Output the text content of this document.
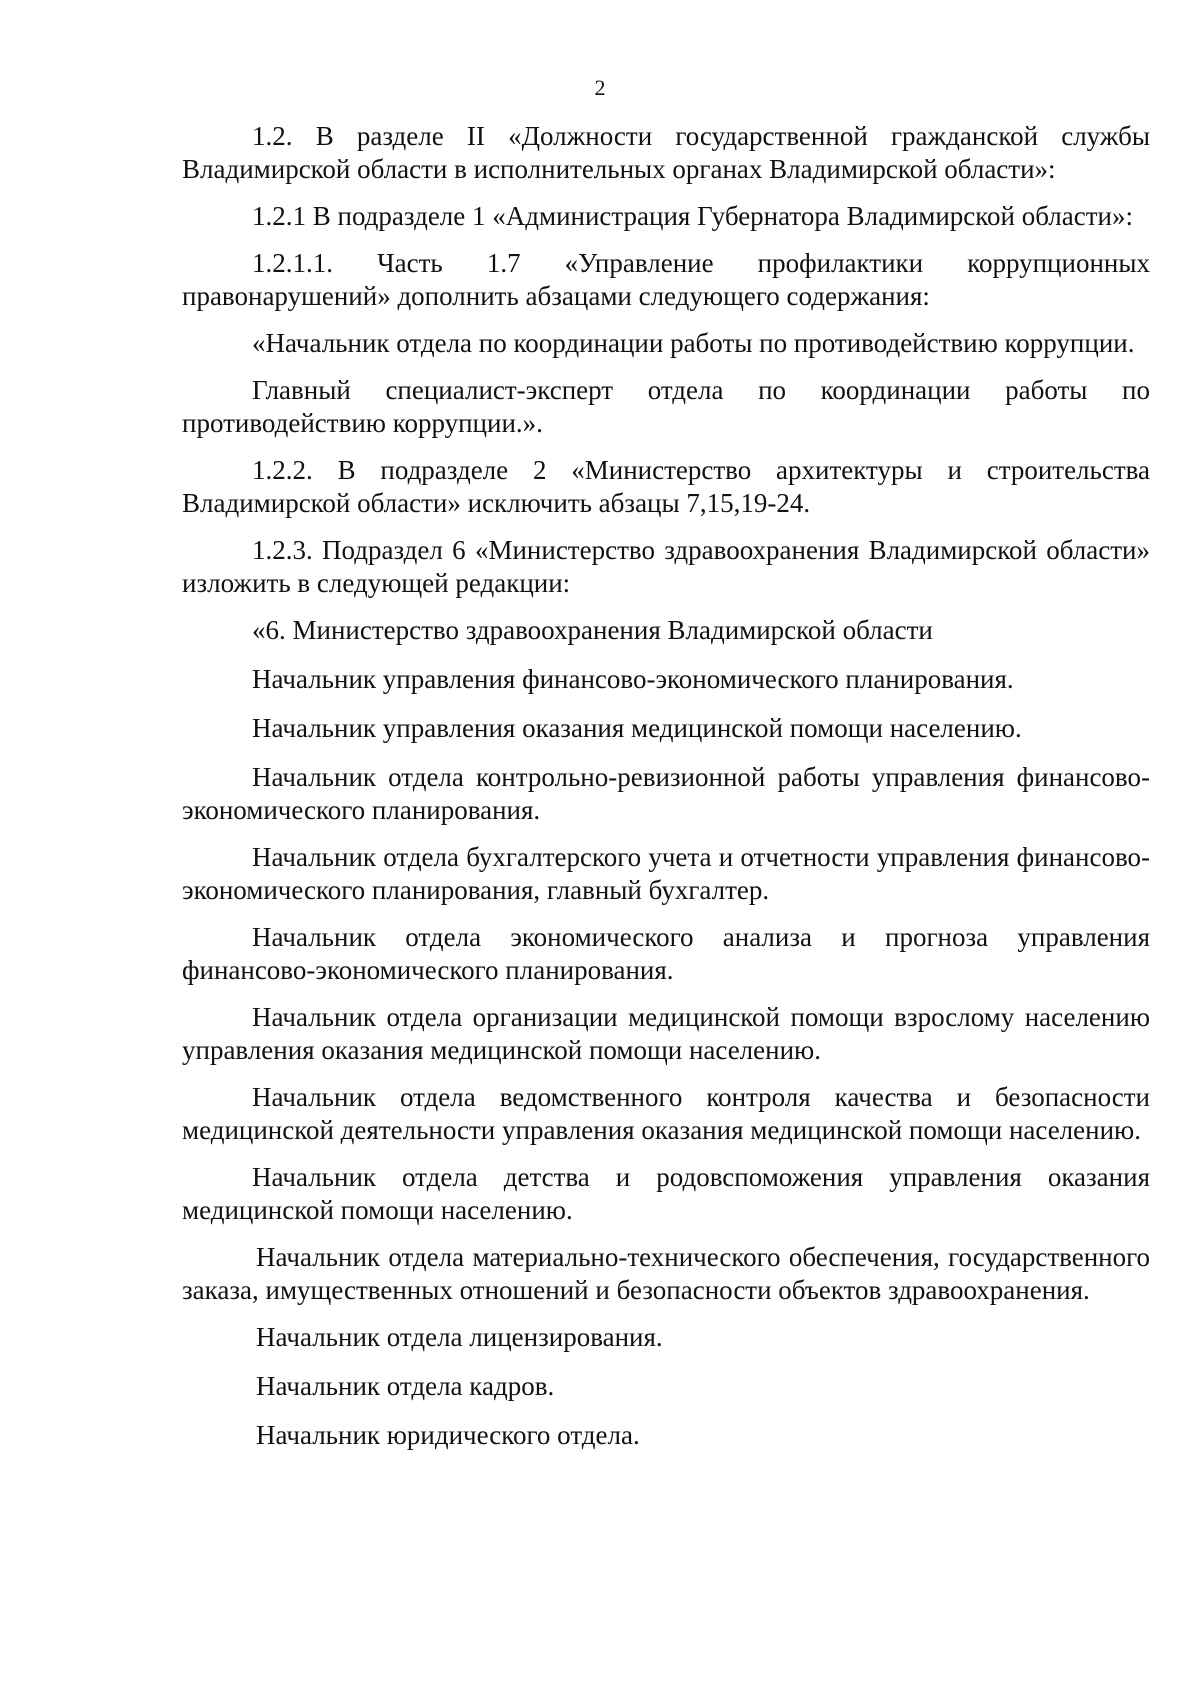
2

1.2. В разделе II «Должности государственной гражданской службы Владимирской области в исполнительных органах Владимирской области»:

1.2.1 В подразделе 1 «Администрация Губернатора Владимирской области»:

1.2.1.1. Часть 1.7 «Управление профилактики коррупционных правонарушений» дополнить абзацами следующего содержания:

«Начальник отдела по координации работы по противодействию коррупции.

Главный специалист-эксперт отдела по координации работы по противодействию коррупции.».

1.2.2. В подразделе 2 «Министерство архитектуры и строительства Владимирской области» исключить абзацы 7,15,19-24.

1.2.3. Подраздел 6 «Министерство здравоохранения Владимирской области» изложить в следующей редакции:

«6. Министерство здравоохранения Владимирской области

Начальник управления финансово-экономического планирования.

Начальник управления оказания медицинской помощи населению.

Начальник отдела контрольно-ревизионной работы управления финансово-экономического планирования.

Начальник отдела бухгалтерского учета и отчетности управления финансово-экономического планирования, главный бухгалтер.

Начальник отдела экономического анализа и прогноза управления финансово-экономического планирования.

Начальник отдела организации медицинской помощи взрослому населению управления оказания медицинской помощи населению.

Начальник отдела ведомственного контроля качества и безопасности медицинской деятельности управления оказания медицинской помощи населению.

Начальник отдела детства и родовспоможения управления оказания медицинской помощи населению.

Начальник отдела материально-технического обеспечения, государственного заказа, имущественных отношений и безопасности объектов здравоохранения.

Начальник отдела лицензирования.

Начальник отдела кадров.

Начальник юридического отдела.
